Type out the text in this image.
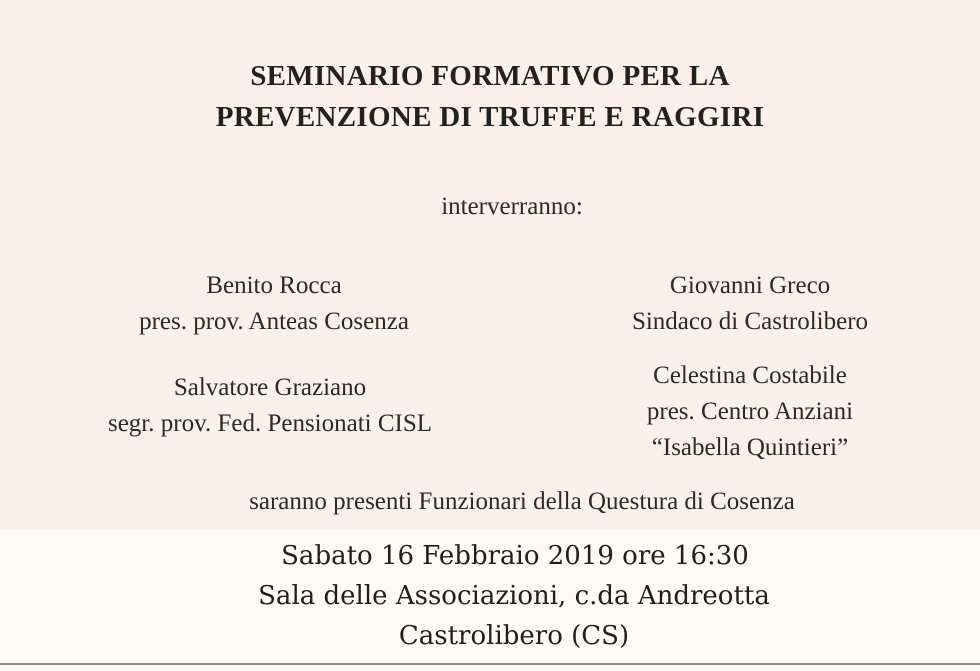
SEMINARIO FORMATIVO PER LA
PREVENZIONE DI TRUFFE E RAGGIRI
interverranno:
Benito Rocca
pres. prov. Anteas Cosenza
Salvatore Graziano
segr. prov. Fed. Pensionati CISL
Giovanni Greco
Sindaco di Castrolibero
Celestina Costabile
pres. Centro Anziani
“Isabella Quintieri”
saranno presenti Funzionari della Questura di Cosenza
Sabato 16 Febbraio 2019 ore 16:30
Sala delle Associazioni, c.da Andreotta
Castrolibero (CS)
